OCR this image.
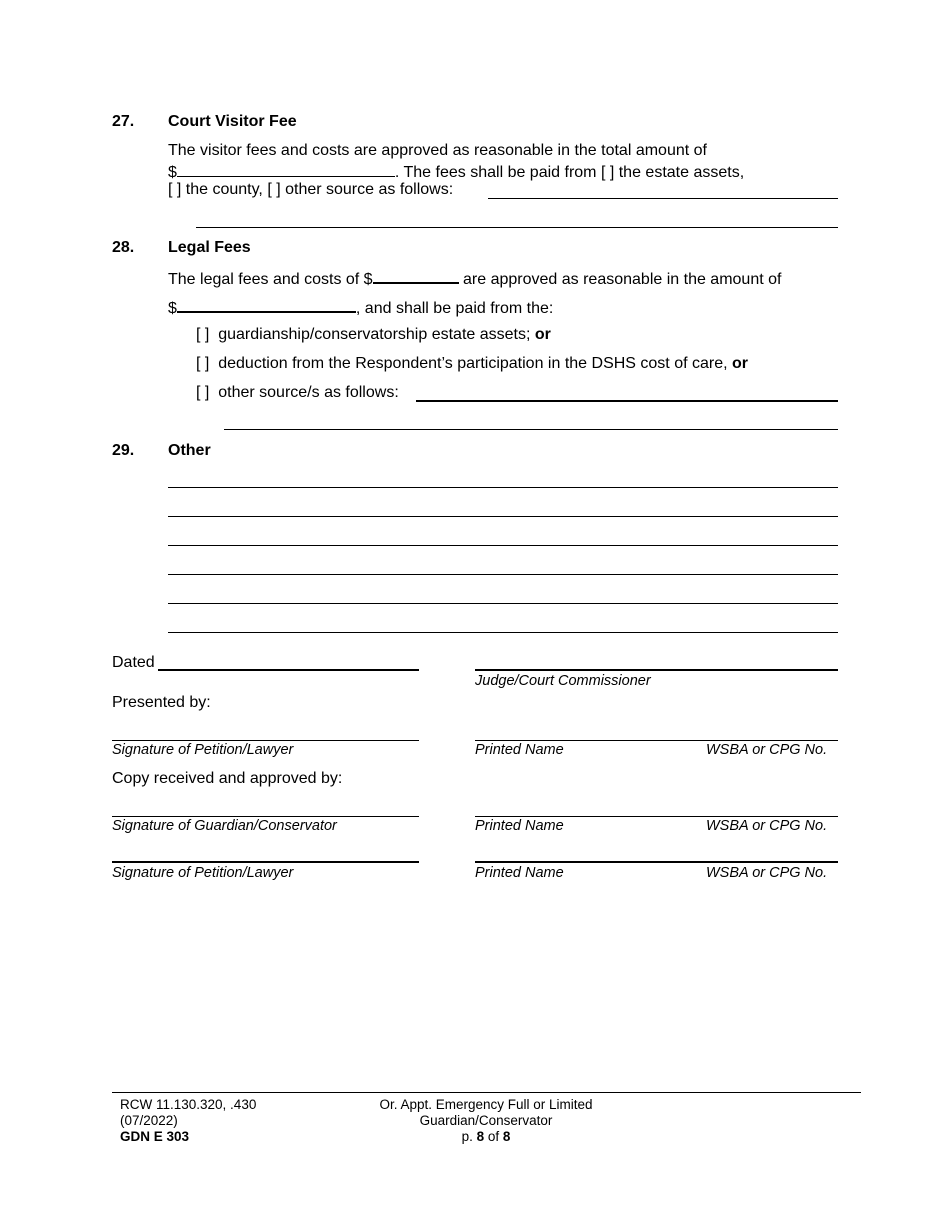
27. Court Visitor Fee
The visitor fees and costs are approved as reasonable in the total amount of
$	. The fees shall be paid from [ ] the estate assets,
[ ] the county, [ ] other source as follows:
28. Legal Fees
The legal fees and costs of $	are approved as reasonable in the amount of
$	, and shall be paid from the:
[ ] guardianship/conservatorship estate assets; or
[ ] deduction from the Respondent’s participation in the DSHS cost of care, or
[ ] other source/s as follows:
29. Other
Dated
Judge/Court Commissioner
Presented by:
Signature of Petition/Lawyer	Printed Name	WSBA or CPG No.
Copy received and approved by:
Signature of Guardian/Conservator	Printed Name	WSBA or CPG No.
Signature of Petition/Lawyer	Printed Name	WSBA or CPG No.
RCW 11.130.320, .430
(07/2022)
GDN E 303
Or. Appt. Emergency Full or Limited
Guardian/Conservator
p. 8 of 8
